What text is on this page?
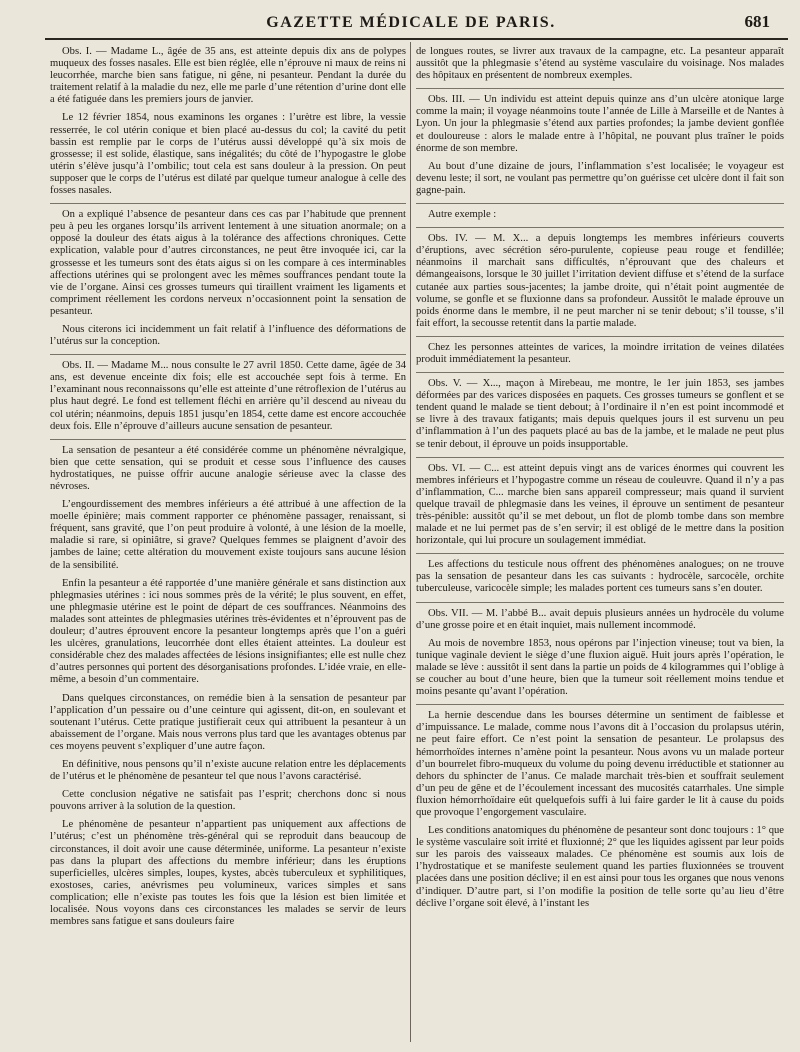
GAZETTE MÉDICALE DE PARIS.	681

Obs. I. — Madame L., âgée de 35 ans, est atteinte depuis dix ans de polypes muqueux des fosses nasales. Elle est bien réglée, elle n’éprouve ni maux de reins ni leucorrhée, marche bien sans fatigue, ni gêne, ni pesanteur. Pendant la durée du traitement relatif à la maladie du nez, elle me parle d’une rétention d’urine dont elle a été fatiguée dans les premiers jours de janvier.

Le 12 février 1854, nous examinons les organes : l’urètre est libre, la vessie resserrée, le col utérin conique et bien placé au-dessus du col; la cavité du petit bassin est remplie par le corps de l’utérus aussi développé qu’à six mois de grossesse; il est solide, élastique, sans inégalités; du côté de l’hypogastre le globe utérin s’élève jusqu’à l’ombilic; tout cela est sans douleur à la pression. On peut supposer que le corps de l’utérus est dilaté par quelque tumeur analogue à celle des fosses nasales.

On a expliqué l’absence de pesanteur dans ces cas par l’habitude que prennent peu à peu les organes lorsqu’ils arrivent lentement à une situation anormale; on a opposé la douleur des états aigus à la tolérance des affections chroniques. Cette explication, valable pour d’autres circonstances, ne peut être invoquée ici, car la grossesse et les tumeurs sont des états aigus si on les compare à ces interminables affections utérines qui se prolongent avec les mêmes souffrances pendant toute la vie de l’organe. Ainsi ces grosses tumeurs qui tiraillent vraiment les ligaments et compriment réellement les cordons nerveux n’occasionnent point la sensation de pesanteur.

Nous citerons ici incidemment un fait relatif à l’influence des déformations de l’utérus sur la conception.

Obs. II. — Madame M... nous consulte le 27 avril 1850. Cette dame, âgée de 34 ans, est devenue enceinte dix fois; elle est accouchée sept fois à terme. En l’examinant nous reconnaissons qu’elle est atteinte d’une rétroflexion de l’utérus au plus haut degré. Le fond est tellement fléchi en arrière qu’il descend au niveau du col utérin; néanmoins, depuis 1851 jusqu’en 1854, cette dame est encore accouchée deux fois. Elle n’éprouve d’ailleurs aucune sensation de pesanteur.

La sensation de pesanteur a été considérée comme un phénomène névralgique, bien que cette sensation, qui se produit et cesse sous l’influence des causes hydrostatiques, ne puisse offrir aucune analogie sérieuse avec la classe des névroses.

L’engourdissement des membres inférieurs a été attribué à une affection de la moelle épinière; mais comment rapporter ce phénomène passager, renaissant, si fréquent, sans gravité, que l’on peut produire à volonté, à une lésion de la moelle, maladie si rare, si opiniâtre, si grave? Quelques femmes se plaignent d’avoir des jambes de laine; cette altération du mouvement existe toujours sans aucune lésion de la sensibilité.

Enfin la pesanteur a été rapportée d’une manière générale et sans distinction aux phlegmasies utérines : ici nous sommes près de la vérité; le plus souvent, en effet, une phlegmasie utérine est le point de départ de ces souffrances. Néanmoins des malades sont atteintes de phlegmasies utérines très-évidentes et n’éprouvent pas de douleur; d’autres éprouvent encore la pesanteur longtemps après que l’on a guéri les ulcères, granulations, leucorrhée dont elles étaient atteintes. La douleur est considérable chez des malades affectées de lésions insignifiantes; elle est nulle chez d’autres personnes qui portent des désorganisations profondes. L’idée vraie, en elle-même, a besoin d’un commentaire.

Dans quelques circonstances, on remédie bien à la sensation de pesanteur par l’application d’un pessaire ou d’une ceinture qui agissent, dit-on, en soulevant et soutenant l’utérus. Cette pratique justifierait ceux qui attribuent la pesanteur à un abaissement de l’organe. Mais nous verrons plus tard que les avantages obtenus par ces moyens peuvent s’expliquer d’une autre façon.

En définitive, nous pensons qu’il n’existe aucune relation entre les déplacements de l’utérus et le phénomène de pesanteur tel que nous l’avons caractérisé.

Cette conclusion négative ne satisfait pas l’esprit; cherchons donc si nous pouvons arriver à la solution de la question.

Le phénomène de pesanteur n’appartient pas uniquement aux affections de l’utérus; c’est un phénomène très-général qui se reproduit dans beaucoup de circonstances, il doit avoir une cause déterminée, uniforme. La pesanteur n’existe pas dans la plupart des affections du membre inférieur; dans les éruptions superficielles, ulcères simples, loupes, kystes, abcès tuberculeux et syphilitiques, exostoses, caries, anévrismes peu volumineux, varices simples et sans complication; elle n’existe pas toutes les fois que la lésion est bien limitée et localisée. Nous voyons dans ces circonstances les malades se servir de leurs membres sans fatigue et sans douleurs faire

de longues routes, se livrer aux travaux de la campagne, etc. La pesanteur apparaît aussitôt que la phlegmasie s’étend au système vasculaire du voisinage. Nos malades des hôpitaux en présentent de nombreux exemples.

Obs. III. — Un individu est atteint depuis quinze ans d’un ulcère atonique large comme la main; il voyage néanmoins toute l’année de Lille à Marseille et de Nantes à Lyon. Un jour la phlegmasie s’étend aux parties profondes; la jambe devient gonflée et douloureuse : alors le malade entre à l’hôpital, ne pouvant plus traîner le poids énorme de son membre.

Au bout d’une dizaine de jours, l’inflammation s’est localisée; le voyageur est devenu leste; il sort, ne voulant pas permettre qu’on guérisse cet ulcère dont il fait son gagne-pain.

Autre exemple :

Obs. IV. — M. X... a depuis longtemps les membres inférieurs couverts d’éruptions, avec sécrétion séro-purulente, copieuse peau rouge et fendillée; néanmoins il marchait sans difficultés, n’éprouvant que des chaleurs et démangeaisons, lorsque le 30 juillet l’irritation devient diffuse et s’étend de la surface cutanée aux parties sous-jacentes; la jambe droite, qui n’était point augmentée de volume, se gonfle et se fluxionne dans sa profondeur. Aussitôt le malade éprouve un poids énorme dans le membre, il ne peut marcher ni se tenir debout; s’il tousse, s’il fait effort, la secousse retentit dans la partie malade.

Chez les personnes atteintes de varices, la moindre irritation de veines dilatées produit immédiatement la pesanteur.

Obs. V. — X..., maçon à Mirebeau, me montre, le 1er juin 1853, ses jambes déformées par des varices disposées en paquets. Ces grosses tumeurs se gonflent et se tendent quand le malade se tient debout; à l’ordinaire il n’en est point incommodé et se livre à des travaux fatigants; mais depuis quelques jours il est survenu un peu d’inflammation à l’un des paquets placé au bas de la jambe, et le malade ne peut plus se tenir debout, il éprouve un poids insupportable.

Obs. VI. — C... est atteint depuis vingt ans de varices énormes qui couvrent les membres inférieurs et l’hypogastre comme un réseau de couleuvre. Quand il n’y a pas d’inflammation, C... marche bien sans appareil compresseur; mais quand il survient quelque travail de phlegmasie dans les veines, il éprouve un sentiment de pesanteur très-pénible: aussitôt qu’il se met debout, un flot de plomb tombe dans son membre malade et ne lui permet pas de s’en servir; il est obligé de le mettre dans la position horizontale, qui lui procure un soulagement immédiat.

Les affections du testicule nous offrent des phénomènes analogues; on ne trouve pas la sensation de pesanteur dans les cas suivants : hydrocèle, sarcocèle, orchite tuberculeuse, varicocèle simple; les malades portent ces tumeurs sans s’en douter.

Obs. VII. — M. l’abbé B... avait depuis plusieurs années un hydrocèle du volume d’une grosse poire et en était inquiet, mais nullement incommodé.

Au mois de novembre 1853, nous opérons par l’injection vineuse; tout va bien, la tunique vaginale devient le siège d’une fluxion aiguë. Huit jours après l’opération, le malade se lève : aussitôt il sent dans la partie un poids de 4 kilogrammes qui l’oblige à se coucher au bout d’une heure, bien que la tumeur soit réellement moins tendue et moins pesante qu’avant l’opération.

La hernie descendue dans les bourses détermine un sentiment de faiblesse et d’impuissance. Le malade, comme nous l’avons dit à l’occasion du prolapsus utérin, ne peut faire effort. Ce n’est point la sensation de pesanteur. Le prolapsus des hémorrhoïdes internes n’amène point la pesanteur. Nous avons vu un malade porteur d’un bourrelet fibro-muqueux du volume du poing devenu irréductible et stationner au dehors du sphincter de l’anus. Ce malade marchait très-bien et souffrait seulement d’un peu de gêne et de l’écoulement incessant des mucosités catarrhales. Une simple fluxion hémorrhoïdaire eût quelquefois suffi à lui faire garder le lit à cause du poids que provoque l’engorgement vasculaire.

Les conditions anatomiques du phénomène de pesanteur sont donc toujours : 1° que le système vasculaire soit irrité et fluxionné; 2° que les liquides agissent par leur poids sur les parois des vaisseaux malades. Ce phénomène est soumis aux lois de l’hydrostatique et se manifeste seulement quand les parties fluxionnées se trouvent placées dans une position déclive; il en est ainsi pour tous les organes que nous venons d’indiquer. D’autre part, si l’on modifie la position de telle sorte qu’au lieu d’être déclive l’organe soit élevé, à l’instant les
